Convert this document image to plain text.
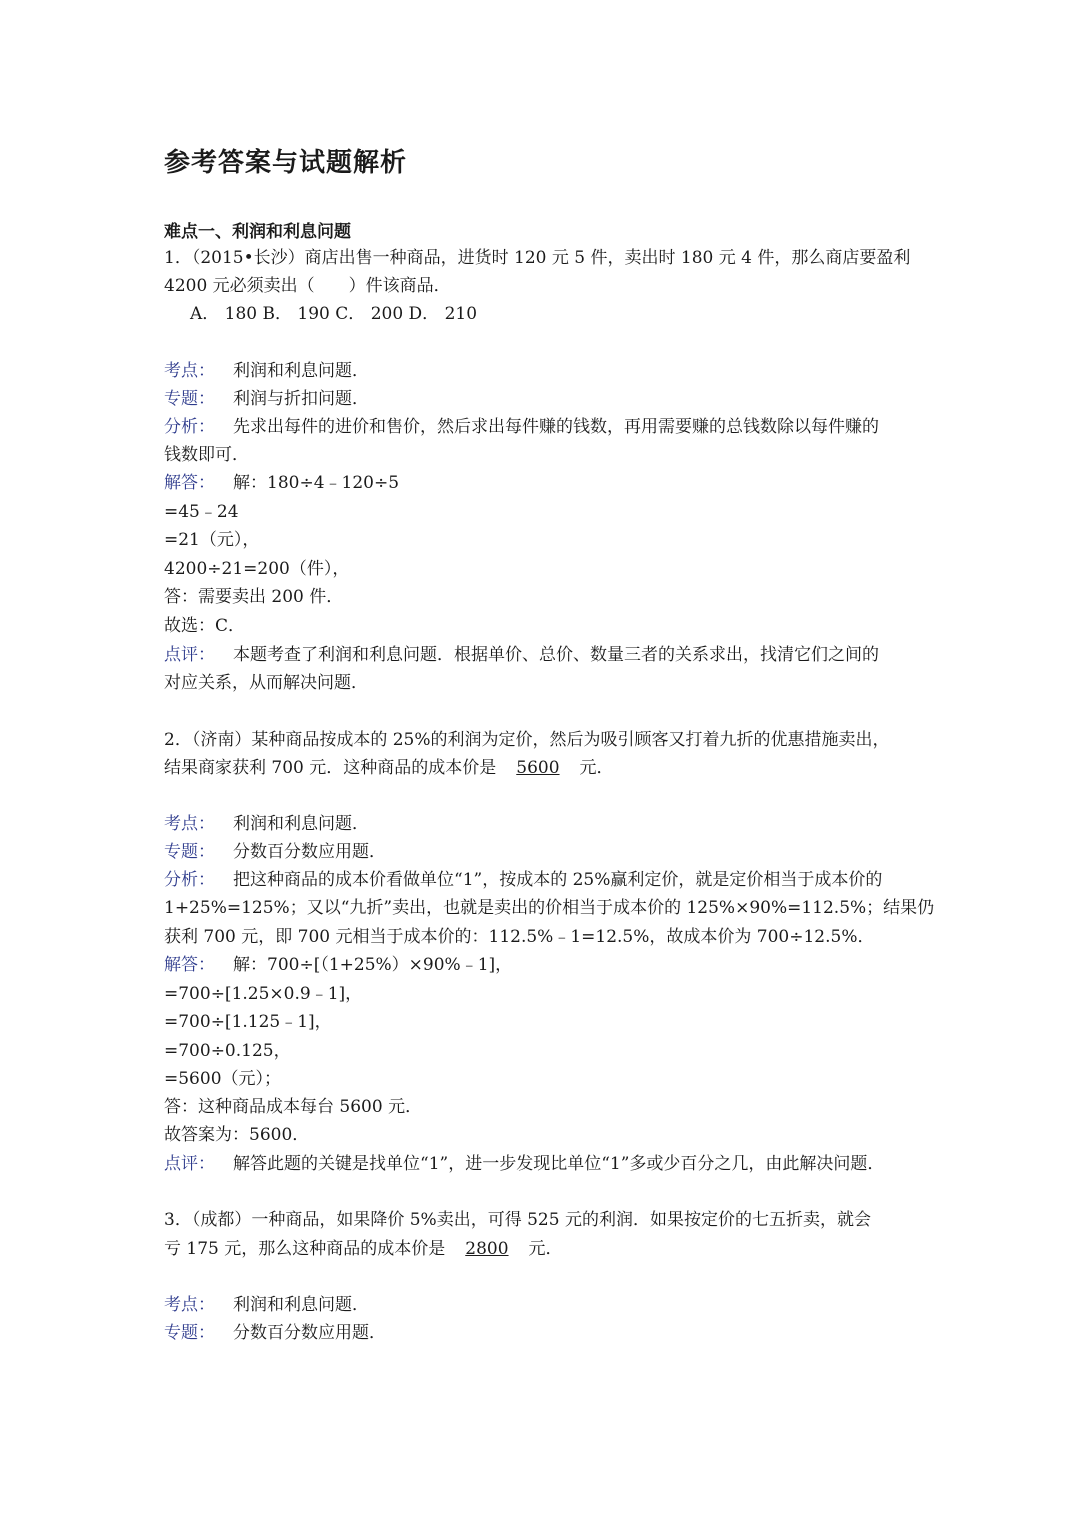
参考答案与试题解析
难点一、利润和利息问题
1．（2015•长沙）商店出售一种商品，进货时 120 元 5 件，卖出时 180 元 4 件，那么商店要盈利
4200 元必须卖出（　　）件该商品．
A． 180 B． 190 C． 200 D． 210
考点： 利润和利息问题．
专题： 利润与折扣问题．
分析： 先求出每件的进价和售价，然后求出每件赚的钱数，再用需要赚的总钱数除以每件赚的
钱数即可．
解答： 解：180÷4﹣120÷5
=45﹣24
=21（元），
4200÷21=200（件），
答：需要卖出 200 件．
故选：C．
点评： 本题考查了利润和利息问题．根据单价、总价、数量三者的关系求出，找清它们之间的
对应关系，从而解决问题．
2．（济南）某种商品按成本的 25%的利润为定价，然后为吸引顾客又打着九折的优惠措施卖出，
结果商家获利 700 元．这种商品的成本价是 5600 元．
考点： 利润和利息问题．
专题： 分数百分数应用题．
分析： 把这种商品的成本价看做单位“1”，按成本的 25%赢利定价，就是定价相当于成本价的
1+25%=125%；又以“九折”卖出，也就是卖出的价相当于成本价的 125%×90%=112.5%；结果仍
获利 700 元，即 700 元相当于成本价的：112.5%﹣1=12.5%，故成本价为 700÷12.5%．
解答： 解：700÷[（1+25%）×90%﹣1]，
=700÷[1.25×0.9﹣1]，
=700÷[1.125﹣1]，
=700÷0.125，
=5600（元）；
答：这种商品成本每台 5600 元．
故答案为：5600．
点评： 解答此题的关键是找单位“1”，进一步发现比单位“1”多或少百分之几，由此解决问题．
3．（成都）一种商品，如果降价 5%卖出，可得 525 元的利润．如果按定价的七五折卖，就会
亏 175 元，那么这种商品的成本价是 2800 元．
考点： 利润和利息问题．
专题： 分数百分数应用题．
